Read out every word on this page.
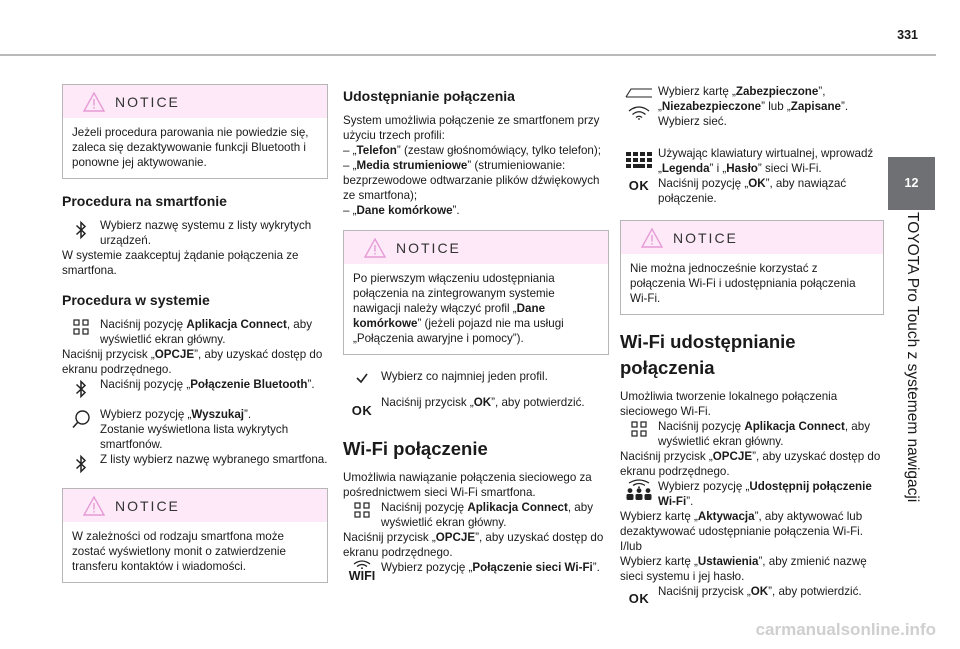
331
12
TOYOTA Pro Touch z systemem nawigacji
NOTICE
Jeżeli procedura parowania nie powiedzie się, zaleca się dezaktywowanie funkcji Bluetooth i ponowne jej aktywowanie.
Procedura na smartfonie
Wybierz nazwę systemu z listy wykrytych urządzeń.

W systemie zaakceptuj żądanie połączenia ze smartfona.

Procedura w systemie
Naciśnij pozycję Aplikacja Connect, aby wyświetlić ekran główny.

Naciśnij przycisk „OPCJE”, aby uzyskać dostęp do ekranu podrzędnego.

Naciśnij pozycję „Połączenie Bluetooth”.
Wybierz pozycję „Wyszukaj”.
Zostanie wyświetlona lista wykrytych smartfonów.

Z listy wybierz nazwę wybranego smartfona.
NOTICE
W zależności od rodzaju smartfona może zostać wyświetlony monit o zatwierdzenie transferu kontaktów i wiadomości.
Udostępnianie połączenia

System umożliwia połączenie ze smartfonem przy użyciu trzech profili:

– „Telefon” (zestaw głośnomówiący, tylko telefon);

– „Media strumieniowe” (strumieniowanie: bezprzewodowe odtwarzanie plików dźwiękowych ze smartfona);

– „Dane komórkowe”.

NOTICE
Po pierwszym włączeniu udostępniania połączenia na zintegrowanym systemie nawigacji należy włączyć profil „Dane komórkowe” (jeżeli pojazd nie ma usługi „Połączenia awaryjne i pomocy”).
Wybierz co najmniej jeden profil.
OK
Naciśnij przycisk „OK”, aby potwierdzić.
Wi-Fi połączenie

Umożliwia nawiązanie połączenia sieciowego za pośrednictwem sieci Wi-Fi smartfona.

Naciśnij pozycję Aplikacja Connect, aby wyświetlić ekran główny.

Naciśnij przycisk „OPCJE”, aby uzyskać dostęp do ekranu podrzędnego.

WIFI
Wybierz pozycję „Połączenie sieci Wi-Fi”.
Wybierz kartę „Zabezpieczone”, „Niezabezpieczone” lub „Zapisane”.
Wybierz sieć.
OK
Używając klawiatury wirtualnej, wprowadź „Legenda” i „Hasło” sieci Wi-Fi.
Naciśnij pozycję „OK”, aby nawiązać połączenie.
NOTICE
Nie można jednocześnie korzystać z połączenia Wi-Fi i udostępniania połączenia Wi-Fi.
Wi-Fi udostępnianie połączenia

Umożliwia tworzenie lokalnego połączenia sieciowego Wi-Fi.

Naciśnij pozycję Aplikacja Connect, aby wyświetlić ekran główny.

Naciśnij przycisk „OPCJE”, aby uzyskać dostęp do ekranu podrzędnego.

Wybierz pozycję „Udostępnij połączenie Wi-Fi”.

Wybierz kartę „Aktywacja”, aby aktywować lub dezaktywować udostępnianie połączenia Wi-Fi.

I/lub

Wybierz kartę „Ustawienia”, aby zmienić nazwę sieci systemu i jej hasło.

OK Naciśnij przycisk „OK”, aby potwierdzić.
carmanualsonline.info
